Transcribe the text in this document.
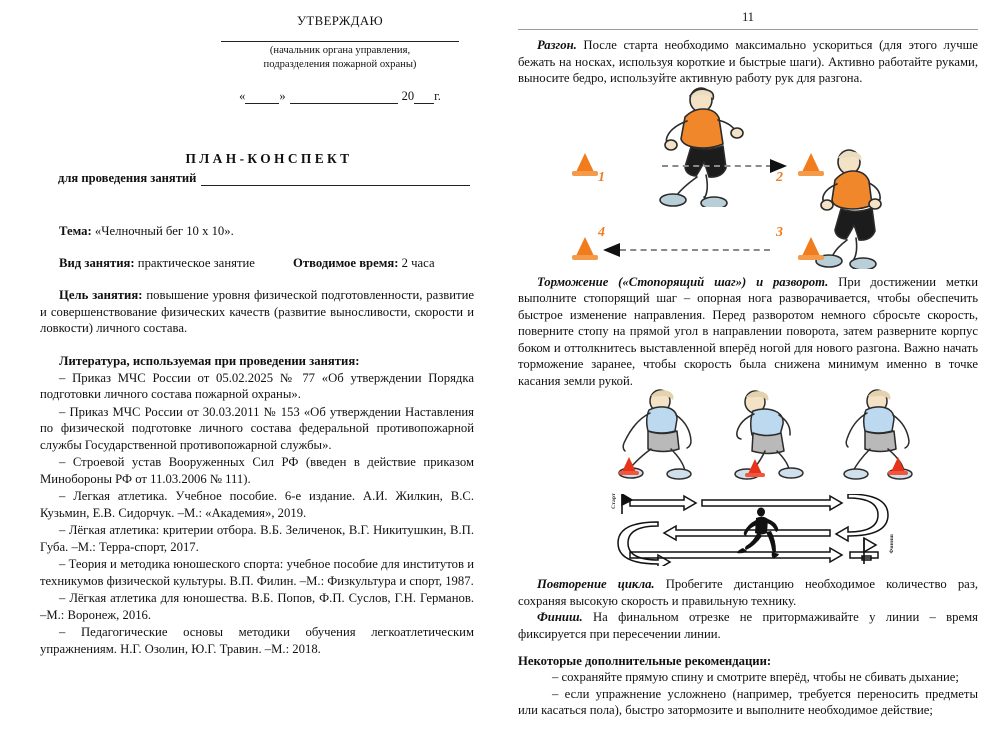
УТВЕРЖДАЮ
(начальник органа управления,
подразделения пожарной охраны)
«	»	20 г.
ПЛАН-КОНСПЕКТ
для проведения занятий

Тема: «Челночный бег 10 х 10».

Вид занятия: практическое занятие	Отводимое время: 2 часа

Цель занятия: повышение уровня физической подготовленности, развитие и совершенствование физических качеств (развитие выносливости, скорости и ловкости) личного состава.

Литература, используемая при проведении занятия:

– Приказ МЧС России от 05.02.2025 № 77 «Об утверждении Порядка подготовки личного состава пожарной охраны».

– Приказ МЧС России от 30.03.2011 № 153 «Об утверждении Наставления по физической подготовке личного состава федеральной противопожарной службы Государственной противопожарной службы».

– Строевой устав Вооруженных Сил РФ (введен в действие приказом Минобороны РФ от 11.03.2006 № 111).

– Легкая атлетика. Учебное пособие. 6-е издание. А.И. Жилкин, В.С. Кузьмин, Е.В. Сидорчук. –М.: «Академия», 2019.

– Лёгкая атлетика: критерии отбора. В.Б. Зеличенок, В.Г. Никитушкин, В.П. Губа. –М.: Терра-спорт, 2017.

– Теория и методика юношеского спорта: учебное пособие для институтов и техникумов физической культуры. В.П. Филин. –М.: Физкультура и спорт, 1987.

– Лёгкая атлетика для юношества. В.Б. Попов, Ф.П. Суслов, Г.Н. Германов. –М.: Воронеж, 2016.

– Педагогические основы методики обучения легкоатлетическим упражнениям. Н.Г. Озолин, Ю.Г. Травин. –М.: 2018.

11

Разгон. После старта необходимо максимально ускориться (для этого лучше бежать на носках, используя короткие и быстрые шаги). Активно работайте руками, выносите бедро, используйте активную работу рук для разгона.

1	2
3
4

Торможение («Стопорящий шаг») и разворот. При достижении метки выполните стопорящий шаг – опорная нога разворачивается, чтобы обеспечить быстрое изменение направления. Перед разворотом немного сбросьте скорость, поверните стопу на прямой угол в направлении поворота, затем разверните корпус боком и оттолкнитесь выставленной вперёд ногой для нового разгона. Важно начать торможение заранее, чтобы скорость была снижена минимум именно в точке касания земли рукой.

Старт
Финиш

Повторение цикла. Пробегите дистанцию необходимое количество раз, сохраняя высокую скорость и правильную технику.

Финиш. На финальном отрезке не притормаживайте у линии – время фиксируется при пересечении линии.

Некоторые дополнительные рекомендации:

– сохраняйте прямую спину и смотрите вперёд, чтобы не сбивать дыхание;

– если упражнение усложнено (например, требуется переносить предметы или касаться пола), быстро затормозите и выполните необходимое действие;
